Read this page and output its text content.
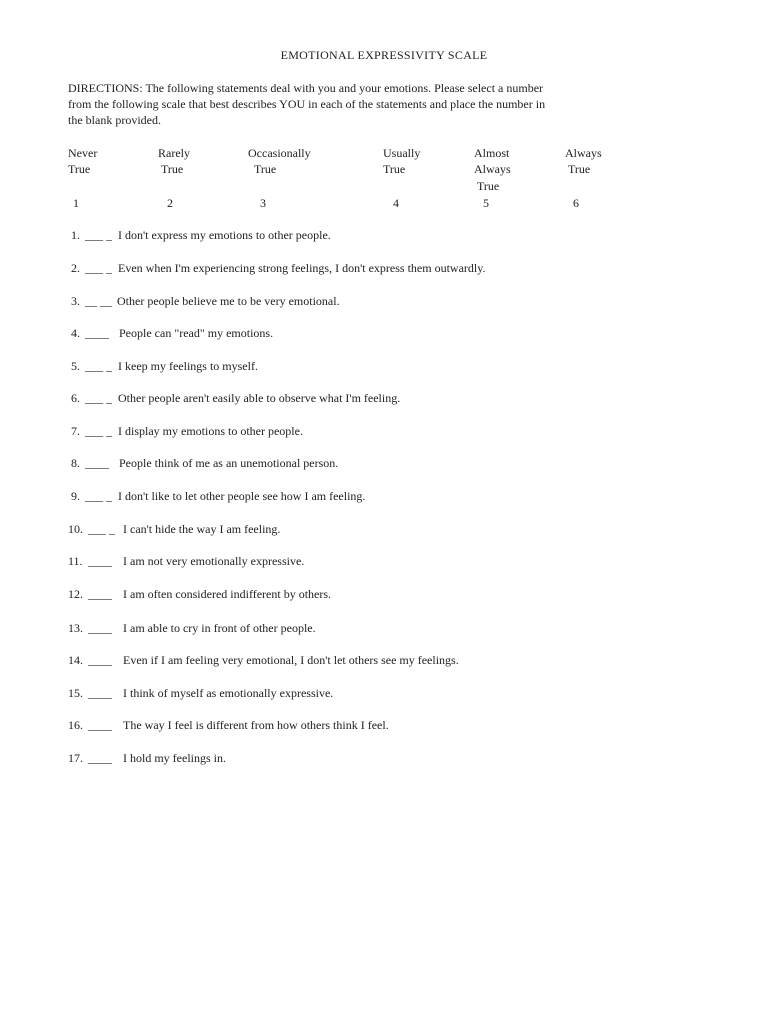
EMOTIONAL EXPRESSIVITY SCALE
DIRECTIONS: The following statements deal with you and your emotions. Please select a number
from the following scale that best describes YOU in each of the statements and place the number in
the blank provided.
Never
True
1
Rarely
True
2
Occasionally
True
3
Usually
True
4
Almost
Always
True
5
Always
True
6
1. ___ _ I don't express my emotions to other people.
2. ___ _ Even when I'm experiencing strong feelings, I don't express them outwardly.
3. __ __ Other people believe me to be very emotional.
4. ____ People can "read" my emotions.
5. ___ _ I keep my feelings to myself.
6. ___ _ Other people aren't easily able to observe what I'm feeling.
7. ___ _ I display my emotions to other people.
8. ____ People think of me as an unemotional person.
9. ___ _ I don't like to let other people see how I am feeling.
10. ___ _ I can't hide the way I am feeling.
11. ____ I am not very emotionally expressive.
12. ____ I am often considered indifferent by others.
13. ____ I am able to cry in front of other people.
14. ____ Even if I am feeling very emotional, I don't let others see my feelings.
15. ____ I think of myself as emotionally expressive.
16. ____ The way I feel is different from how others think I feel.
17. ____ I hold my feelings in.
